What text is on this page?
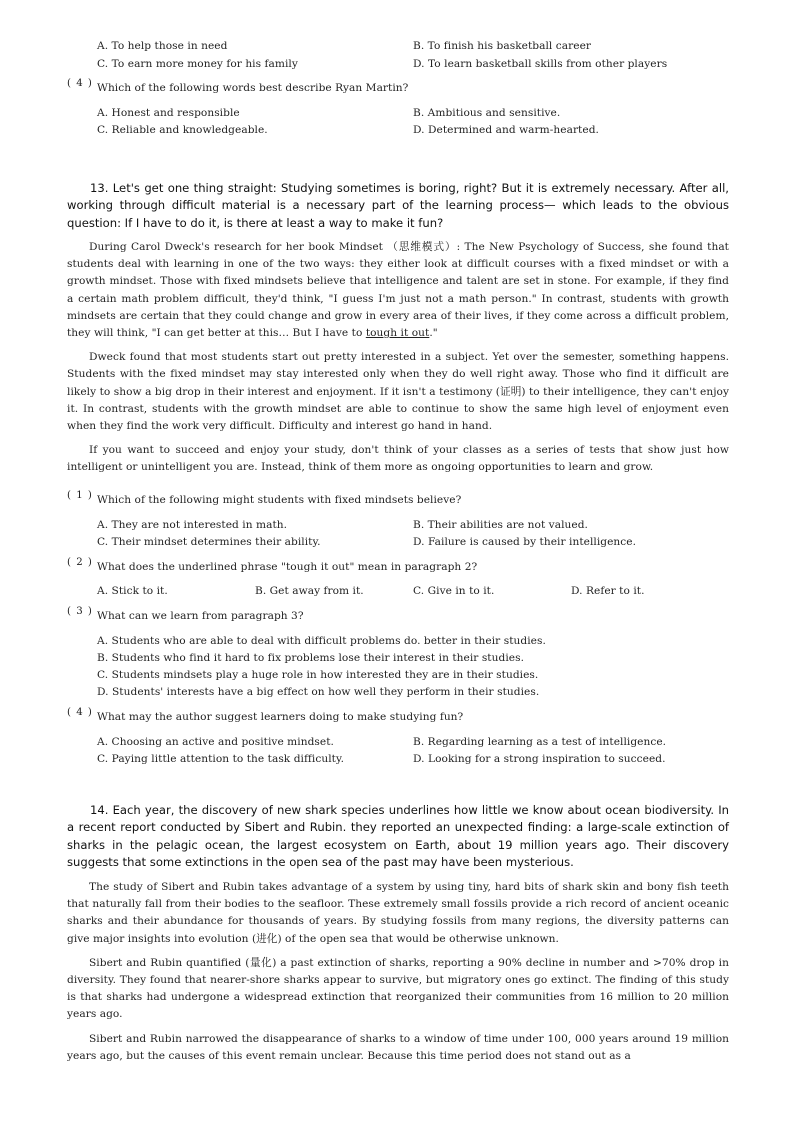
A. To help those in need	B. To finish his basketball career
C. To earn more money for his family	D. To learn basketball skills from other players
( 4 ) Which of the following words best describe Ryan Martin?
A. Honest and responsible	B. Ambitious and sensitive.
C. Reliable and knowledgeable.	D. Determined and warm-hearted.

13. Let's get one thing straight: Studying sometimes is boring, right? But it is extremely necessary. After all, working through difficult material is a necessary part of the learning process— which leads to the obvious question: If I have to do it, is there at least a way to make it fun?

During Carol Dweck's research for her book Mindset （思维模式）: The New Psychology of Success, she found that students deal with learning in one of the two ways: they either look at difficult courses with a fixed mindset or with a growth mindset. Those with fixed mindsets believe that intelligence and talent are set in stone. For example, if they find a certain math problem difficult, they'd think, "I guess I'm just not a math person." In contrast, students with growth mindsets are certain that they could change and grow in every area of their lives, if they come across a difficult problem, they will think, "I can get better at this… But I have to tough it out."

Dweck found that most students start out pretty interested in a subject. Yet over the semester, something happens. Students with the fixed mindset may stay interested only when they do well right away. Those who find it difficult are likely to show a big drop in their interest and enjoyment. If it isn't a testimony (证明) to their intelligence, they can't enjoy it. In contrast, students with the growth mindset are able to continue to show the same high level of enjoyment even when they find the work very difficult. Difficulty and interest go hand in hand.

If you want to succeed and enjoy your study, don't think of your classes as a series of tests that show just how intelligent or unintelligent you are. Instead, think of them more as ongoing opportunities to learn and grow.

( 1 ) Which of the following might students with fixed mindsets believe?
A. They are not interested in math.	B. Their abilities are not valued.
C. Their mindset determines their ability.	D. Failure is caused by their intelligence.
( 2 ) What does the underlined phrase "tough it out" mean in paragraph 2?
A. Stick to it.	B. Get away from it.	C. Give in to it.	D. Refer to it.
( 3 ) What can we learn from paragraph 3?
A. Students who are able to deal with difficult problems do. better in their studies.
B. Students who find it hard to fix problems lose their interest in their studies.
C. Students mindsets play a huge role in how interested they are in their studies.
D. Students' interests have a big effect on how well they perform in their studies.
( 4 ) What may the author suggest learners doing to make studying fun?
A. Choosing an active and positive mindset.	B. Regarding learning as a test of intelligence.
C. Paying little attention to the task difficulty.	D. Looking for a strong inspiration to succeed.

14. Each year, the discovery of new shark species underlines how little we know about ocean biodiversity. In a recent report conducted by Sibert and Rubin. they reported an unexpected finding: a large-scale extinction of sharks in the pelagic ocean, the largest ecosystem on Earth, about 19 million years ago. Their discovery suggests that some extinctions in the open sea of the past may have been mysterious.

The study of Sibert and Rubin takes advantage of a system by using tiny, hard bits of shark skin and bony fish teeth that naturally fall from their bodies to the seafloor. These extremely small fossils provide a rich record of ancient oceanic sharks and their abundance for thousands of years. By studying fossils from many regions, the diversity patterns can give major insights into evolution (进化) of the open sea that would be otherwise unknown.

Sibert and Rubin quantified (量化) a past extinction of sharks, reporting a 90% decline in number and >70% drop in diversity. They found that nearer-shore sharks appear to survive, but migratory ones go extinct. The finding of this study is that sharks had undergone a widespread extinction that reorganized their communities from 16 million to 20 million years ago.

Sibert and Rubin narrowed the disappearance of sharks to a window of time under 100, 000 years around 19 million years ago, but the causes of this event remain unclear. Because this time period does not stand out as a
